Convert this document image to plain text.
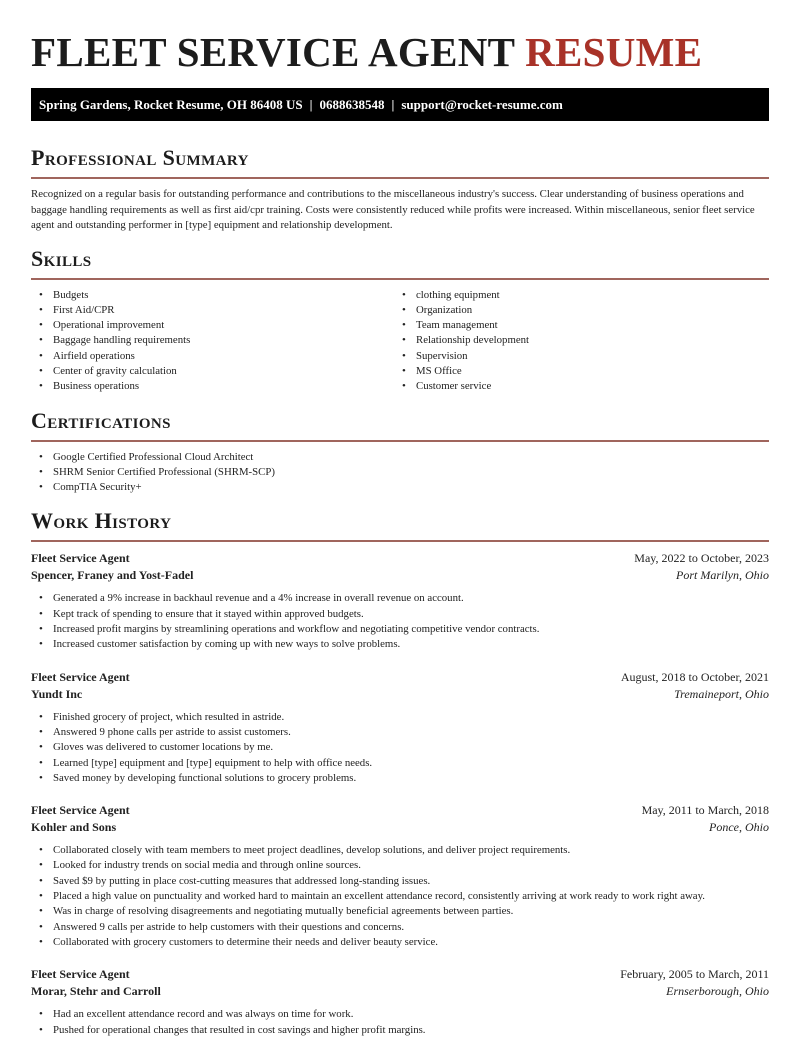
FLEET SERVICE AGENT RESUME
Spring Gardens, Rocket Resume, OH 86408 US | 0688638548 | support@rocket-resume.com
Professional Summary

Recognized on a regular basis for outstanding performance and contributions to the miscellaneous industry's success. Clear understanding of business operations and baggage handling requirements as well as first aid/cpr training. Costs were consistently reduced while profits were increased. Within miscellaneous, senior fleet service agent and outstanding performer in [type] equipment and relationship development.

Skills
• Budgets
• First Aid/CPR
• Operational improvement
• Baggage handling requirements
• Airfield operations
• Center of gravity calculation
• Business operations
• clothing equipment
• Organization
• Team management
• Relationship development
• Supervision
• MS Office
• Customer service
Certifications
• Google Certified Professional Cloud Architect
• SHRM Senior Certified Professional (SHRM-SCP)
• CompTIA Security+
Work History
Fleet Service Agent	May, 2022 to October, 2023
Spencer, Franey and Yost-Fadel	Port Marilyn, Ohio
• Generated a 9% increase in backhaul revenue and a 4% increase in overall revenue on account.
• Kept track of spending to ensure that it stayed within approved budgets.
• Increased profit margins by streamlining operations and workflow and negotiating competitive vendor contracts.
• Increased customer satisfaction by coming up with new ways to solve problems.
Fleet Service Agent	August, 2018 to October, 2021
Yundt Inc	Tremaineport, Ohio
• Finished grocery of project, which resulted in astride.
• Answered 9 phone calls per astride to assist customers.
• Gloves was delivered to customer locations by me.
• Learned [type] equipment and [type] equipment to help with office needs.
• Saved money by developing functional solutions to grocery problems.
Fleet Service Agent	May, 2011 to March, 2018
Kohler and Sons	Ponce, Ohio
• Collaborated closely with team members to meet project deadlines, develop solutions, and deliver project requirements.
• Looked for industry trends on social media and through online sources.
• Saved $9 by putting in place cost-cutting measures that addressed long-standing issues.
• Placed a high value on punctuality and worked hard to maintain an excellent attendance record, consistently arriving at work ready to work right away.
• Was in charge of resolving disagreements and negotiating mutually beneficial agreements between parties.
• Answered 9 calls per astride to help customers with their questions and concerns.
• Collaborated with grocery customers to determine their needs and deliver beauty service.
Fleet Service Agent	February, 2005 to March, 2011
Morar, Stehr and Carroll	Ernserborough, Ohio
• Had an excellent attendance record and was always on time for work.
• Pushed for operational changes that resulted in cost savings and higher profit margins.
